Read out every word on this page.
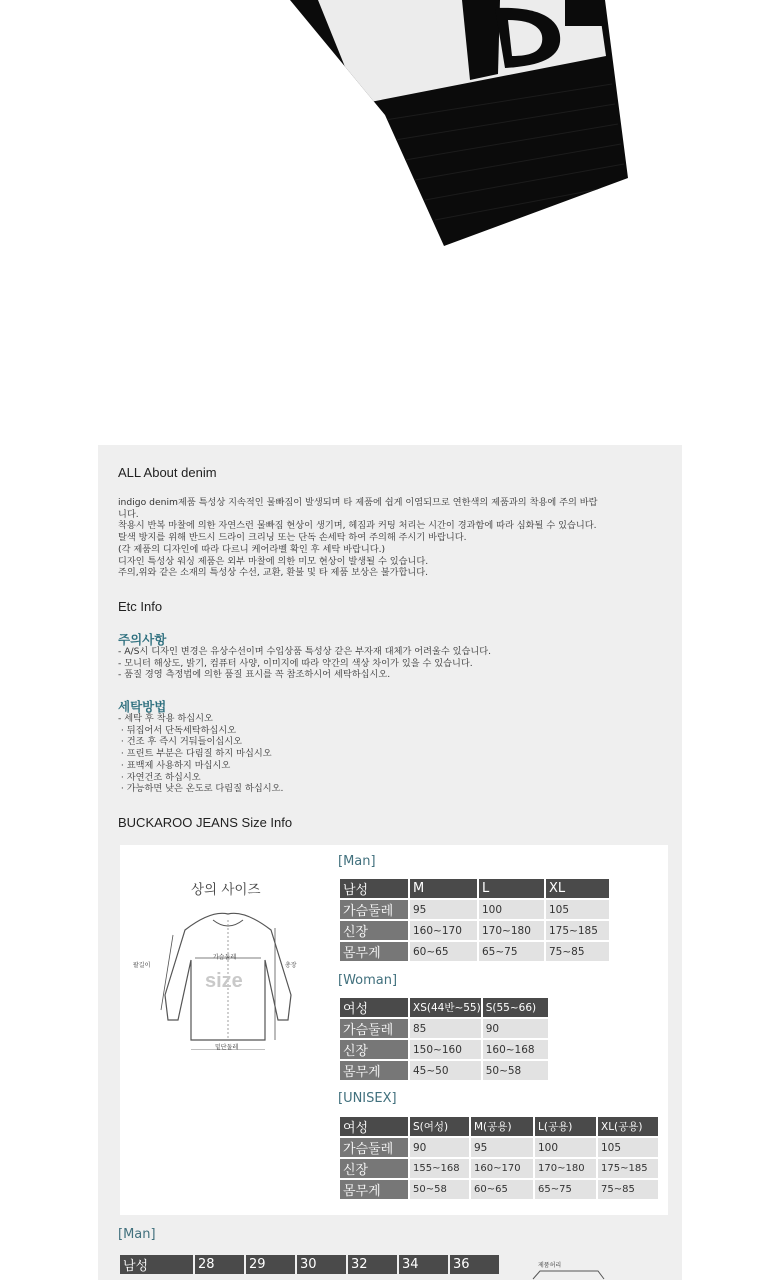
ALL About denim
indigo denim제품 특성상 지속적인 물빠짐이 발생되며 타 제품에 쉽게 이염되므로 연한색의 제품과의 착용에 주의 바랍
니다.
착용시 반복 마찰에 의한 자연스런 물빠짐 현상이 생기며, 헤짐과 커팅 처리는 시간이 경과함에 따라 심화될 수 있습니다.
탈색 방지를 위해 반드시 드라이 크리닝 또는 단독 손세탁 하여 주의해 주시기 바랍니다.
(각 제품의 디자인에 따라 다르니 케어라벨 확인 후 세탁 바랍니다.)
디자인 특성상 워싱 제품은 외부 마찰에 의한 미모 현상이 발생될 수 있습니다.
주의,위와 같은 소재의 특성상 수선, 교환, 환불 및 타 제품 보상은 불가합니다.
Etc Info
주의사항
- A/S시 디자인 변경은 유상수선이며 수입상품 특성상 같은 부자재 대체가 어려울수 있습니다.
- 모니터 해상도, 밝기, 컴퓨터 사양, 이미지에 따라 약간의 색상 차이가 있을 수 있습니다.
- 품질 경영 측정법에 의한 품질 표시를 꼭 참조하시어 세탁하십시오.
세탁방법
- 세탁 후 착용 하십시오
· 뒤집어서 단독세탁하십시오
· 건조 후 즉시 거둬들이십시오
· 프린트 부분은 다림질 하지 마십시오
· 표백제 사용하지 마십시오
· 자연건조 하십시오
· 가능하면 낮은 온도로 다림질 하십시오.
BUCKAROO JEANS Size Info
상의 사이즈
size
가슴둘레
팔길이	총장
밑단둘레
[Man]
남성	M	L	XL
가슴둘레	95	100	105
신장	160~170	170~180	175~185
몸무게	60~65	65~75	75~85
[Woman]
여성	XS(44반~55)	S(55~66)
가슴둘레	85	90
신장	150~160	160~168
몸무게	45~50	50~58
[UNISEX]
여성	S(여성)	M(공용)	L(공용)	XL(공용)
가슴둘레	90	95	100	105
신장	155~168	160~170	170~180	175~185
몸무게	50~58	60~65	65~75	75~85
[Man]
남성	28	29	30	32	34	36	제품허리
